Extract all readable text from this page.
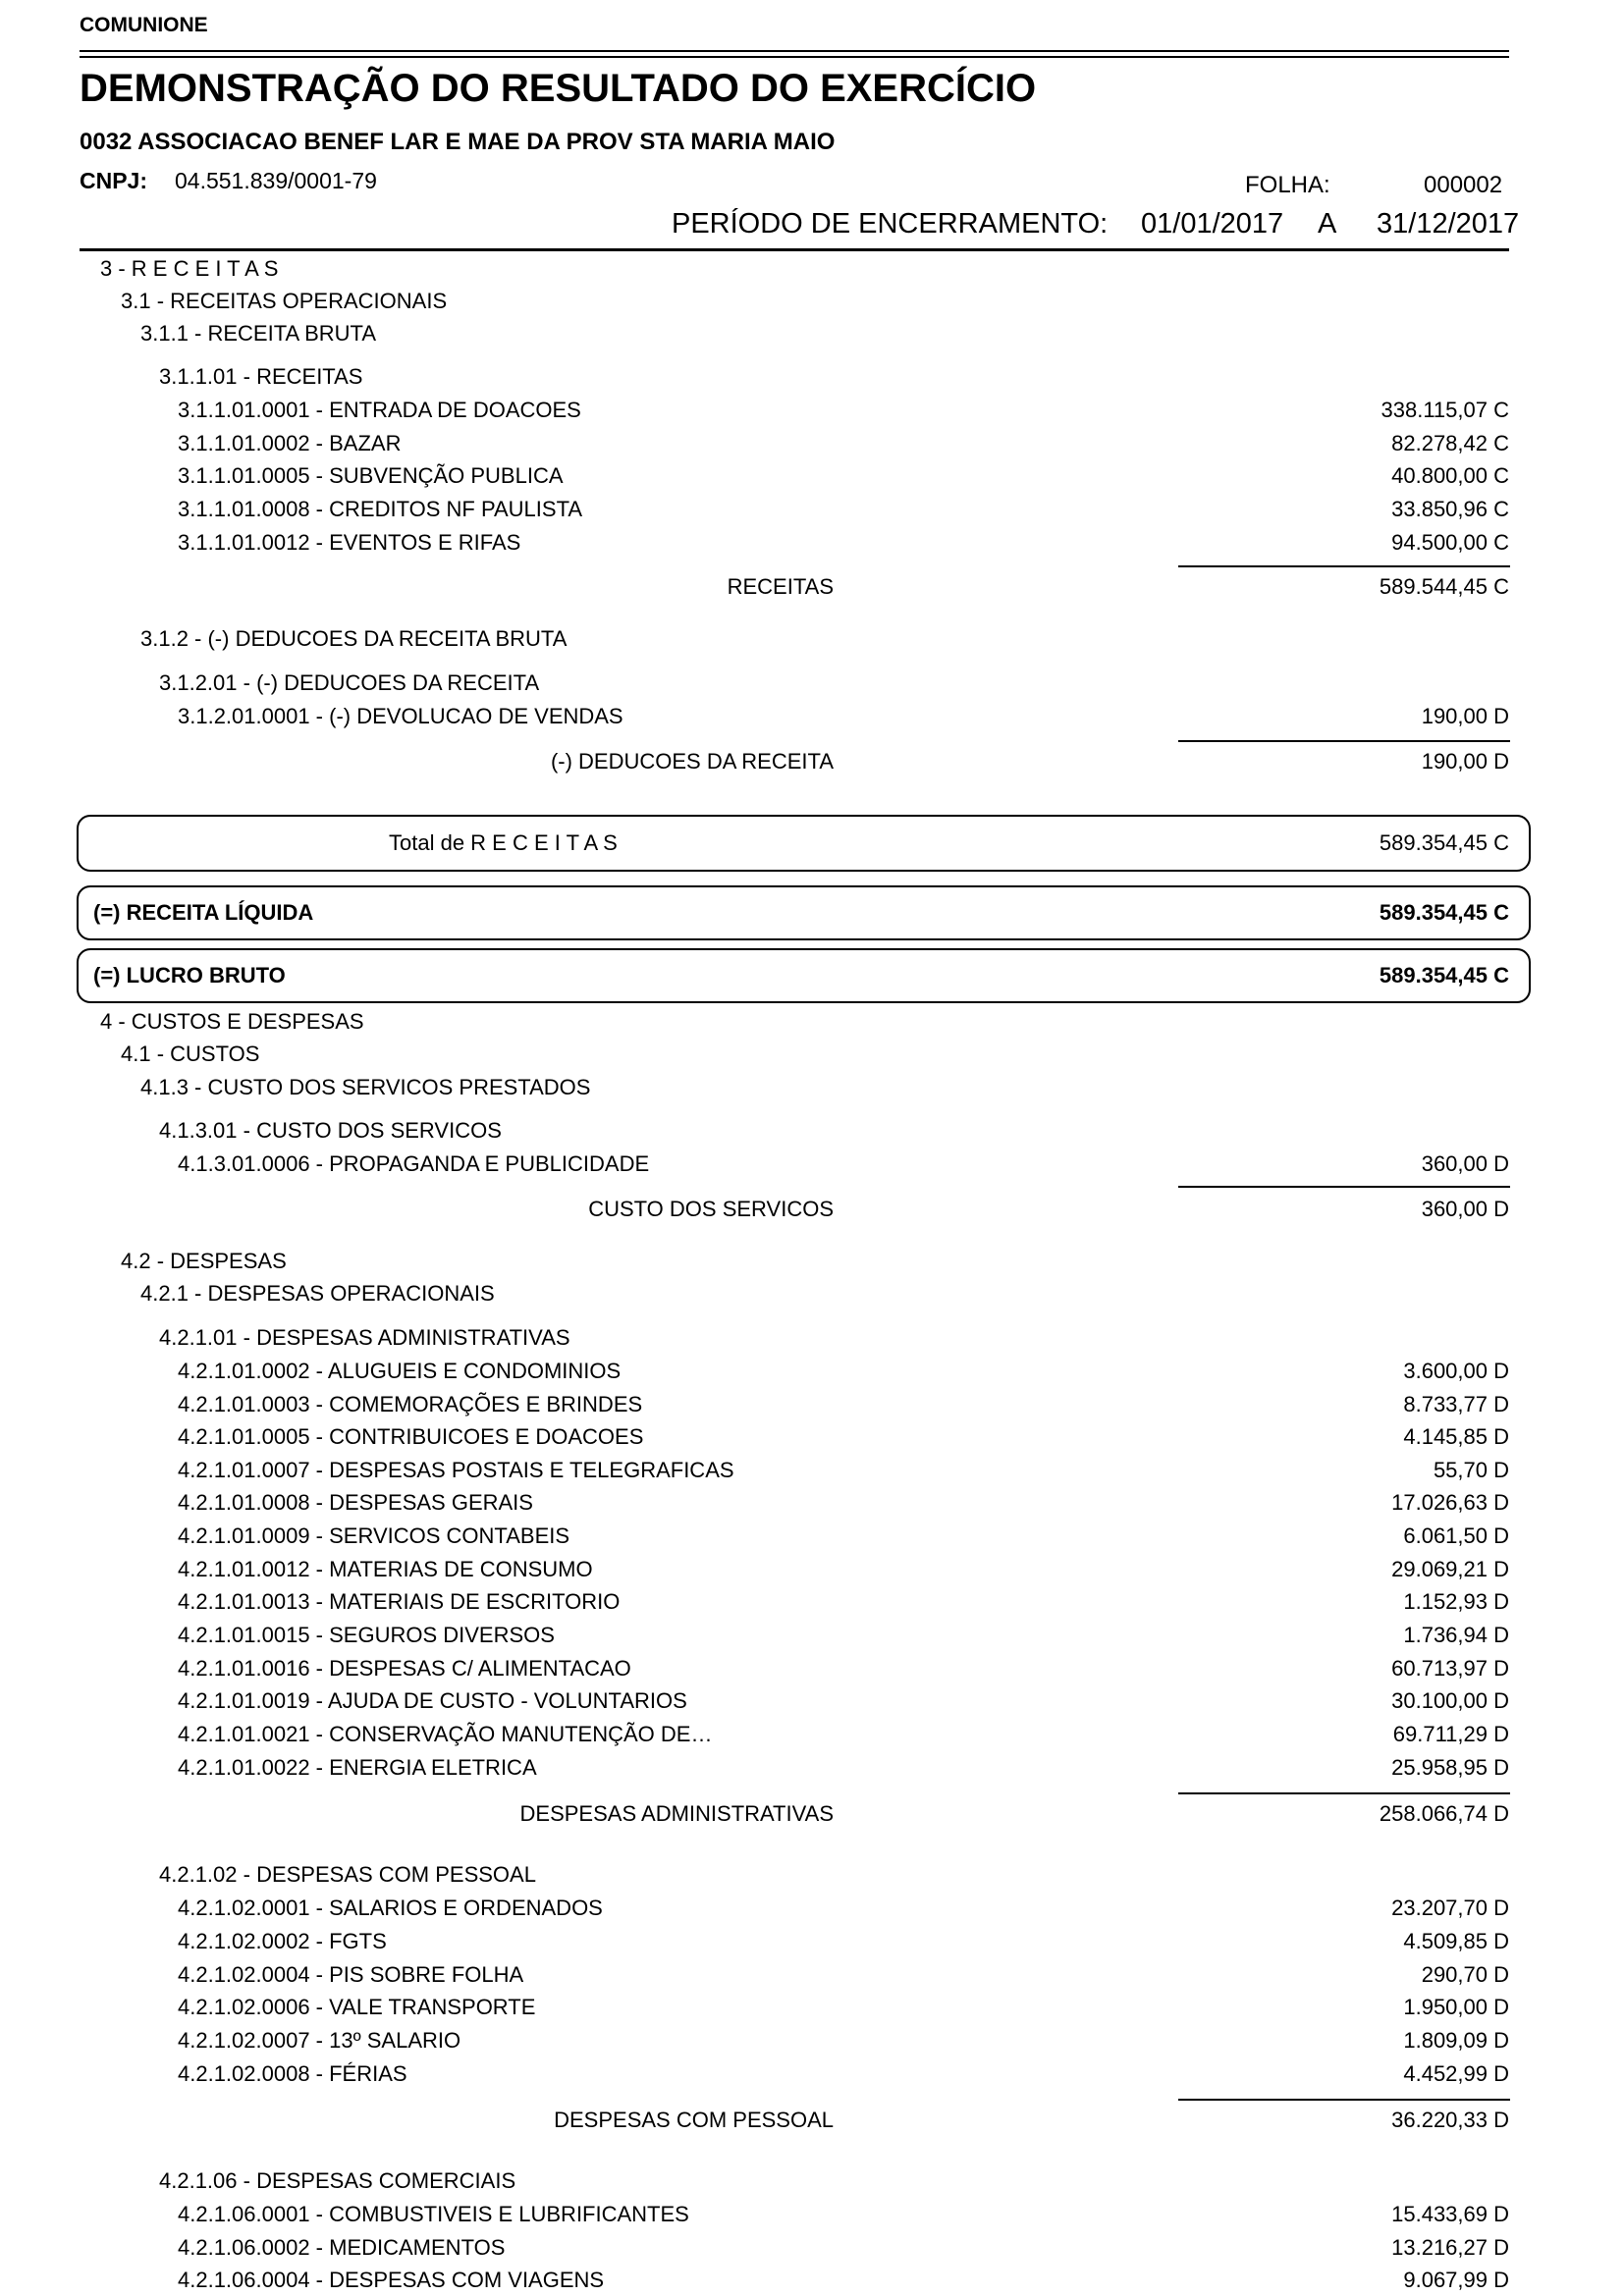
COMUNIONE
DEMONSTRAÇÃO DO RESULTADO DO EXERCÍCIO
0032 ASSOCIACAO BENEF LAR E MAE DA PROV STA MARIA MAIO
CNPJ: 04.551.839/0001-79	FOLHA:	000002
PERÍODO DE ENCERRAMENTO: 01/01/2017 A 31/12/2017
3 - R E C E I T A S
3.1 - RECEITAS OPERACIONAIS
3.1.1 - RECEITA BRUTA
3.1.1.01 - RECEITAS
3.1.1.01.0001 - ENTRADA DE DOACOES	338.115,07 C
3.1.1.01.0002 - BAZAR	82.278,42 C
3.1.1.01.0005 - SUBVENÇÃO PUBLICA	40.800,00 C
3.1.1.01.0008 - CREDITOS NF PAULISTA	33.850,96 C
3.1.1.01.0012 - EVENTOS E RIFAS	94.500,00 C
RECEITAS	589.544,45 C
3.1.2 - (-) DEDUCOES DA RECEITA BRUTA
3.1.2.01 - (-) DEDUCOES DA RECEITA
3.1.2.01.0001 - (-) DEVOLUCAO DE VENDAS	190,00 D
(-) DEDUCOES DA RECEITA	190,00 D
Total de R E C E I T A S	589.354,45 C
(=) RECEITA LÍQUIDA	589.354,45 C
(=) LUCRO BRUTO	589.354,45 C
4 - CUSTOS E DESPESAS
4.1 - CUSTOS
4.1.3 - CUSTO DOS SERVICOS PRESTADOS
4.1.3.01 - CUSTO DOS SERVICOS
4.1.3.01.0006 - PROPAGANDA E PUBLICIDADE	360,00 D
CUSTO DOS SERVICOS	360,00 D
4.2 - DESPESAS
4.2.1 - DESPESAS OPERACIONAIS
4.2.1.01 - DESPESAS ADMINISTRATIVAS
4.2.1.01.0002 - ALUGUEIS E CONDOMINIOS	3.600,00 D
4.2.1.01.0003 - COMEMORAÇÕES E BRINDES	8.733,77 D
4.2.1.01.0005 - CONTRIBUICOES E DOACOES	4.145,85 D
4.2.1.01.0007 - DESPESAS POSTAIS E TELEGRAFICAS	55,70 D
4.2.1.01.0008 - DESPESAS GERAIS	17.026,63 D
4.2.1.01.0009 - SERVICOS CONTABEIS	6.061,50 D
4.2.1.01.0012 - MATERIAS DE CONSUMO	29.069,21 D
4.2.1.01.0013 - MATERIAIS DE ESCRITORIO	1.152,93 D
4.2.1.01.0015 - SEGUROS DIVERSOS	1.736,94 D
4.2.1.01.0016 - DESPESAS C/ ALIMENTACAO	60.713,97 D
4.2.1.01.0019 - AJUDA DE CUSTO - VOLUNTARIOS	30.100,00 D
4.2.1.01.0021 - CONSERVAÇÃO MANUTENÇÃO DE…	69.711,29 D
4.2.1.01.0022 - ENERGIA ELETRICA	25.958,95 D
DESPESAS ADMINISTRATIVAS	258.066,74 D
4.2.1.02 - DESPESAS COM PESSOAL
4.2.1.02.0001 - SALARIOS E ORDENADOS	23.207,70 D
4.2.1.02.0002 - FGTS	4.509,85 D
4.2.1.02.0004 - PIS SOBRE FOLHA	290,70 D
4.2.1.02.0006 - VALE TRANSPORTE	1.950,00 D
4.2.1.02.0007 - 13º SALARIO	1.809,09 D
4.2.1.02.0008 - FÉRIAS	4.452,99 D
DESPESAS COM PESSOAL	36.220,33 D
4.2.1.06 - DESPESAS COMERCIAIS
4.2.1.06.0001 - COMBUSTIVEIS E LUBRIFICANTES	15.433,69 D
4.2.1.06.0002 - MEDICAMENTOS	13.216,27 D
4.2.1.06.0004 - DESPESAS COM VIAGENS	9.067,99 D
